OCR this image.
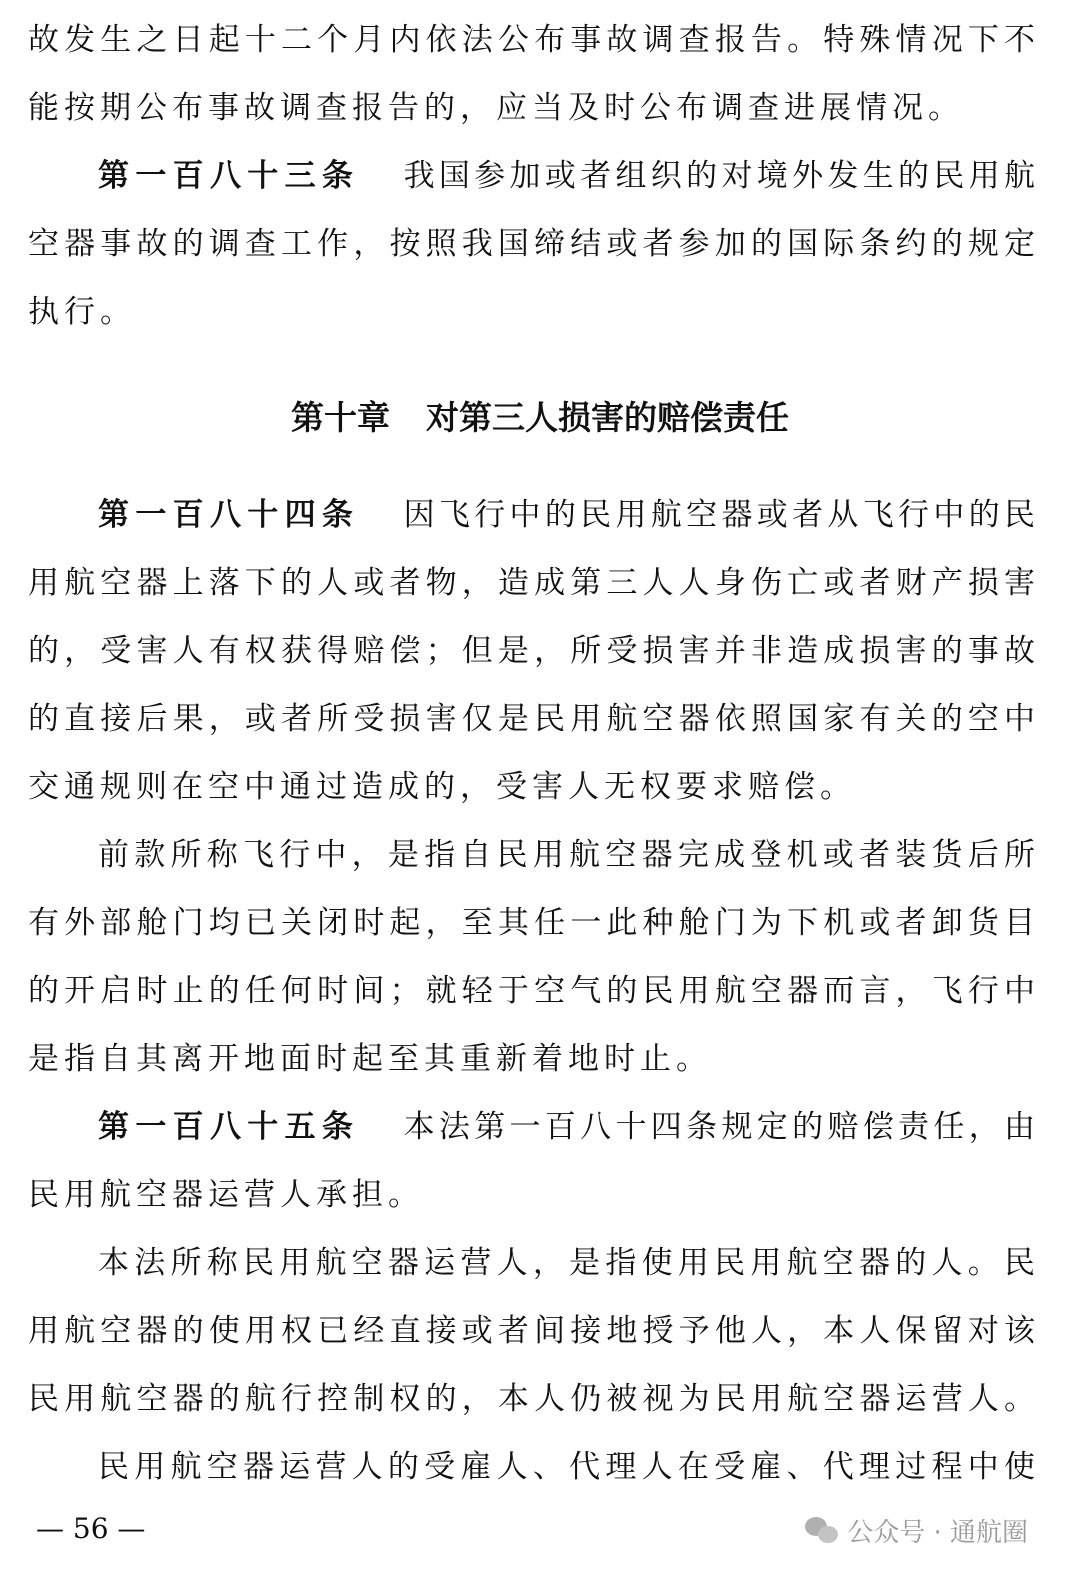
故发生之日起十二个月内依法公布事故调查报告。特殊情况下不
能按期公布事故调查报告的，应当及时公布调查进展情况。
第一百八十三条 我国参加或者组织的对境外发生的民用航
空器事故的调查工作，按照我国缔结或者参加的国际条约的规定
执行。
第十章 对第三人损害的赔偿责任
第一百八十四条 因飞行中的民用航空器或者从飞行中的民
用航空器上落下的人或者物，造成第三人人身伤亡或者财产损害
的，受害人有权获得赔偿；但是，所受损害并非造成损害的事故
的直接后果，或者所受损害仅是民用航空器依照国家有关的空中
交通规则在空中通过造成的，受害人无权要求赔偿。
前款所称飞行中，是指自民用航空器完成登机或者装货后所
有外部舱门均已关闭时起，至其任一此种舱门为下机或者卸货目
的开启时止的任何时间；就轻于空气的民用航空器而言，飞行中
是指自其离开地面时起至其重新着地时止。
第一百八十五条 本法第一百八十四条规定的赔偿责任，由
民用航空器运营人承担。
本法所称民用航空器运营人，是指使用民用航空器的人。民
用航空器的使用权已经直接或者间接地授予他人，本人保留对该
民用航空器的航行控制权的，本人仍被视为民用航空器运营人。
民用航空器运营人的受雇人、代理人在受雇、代理过程中使
— 56 —	公众号 · 通航圈
